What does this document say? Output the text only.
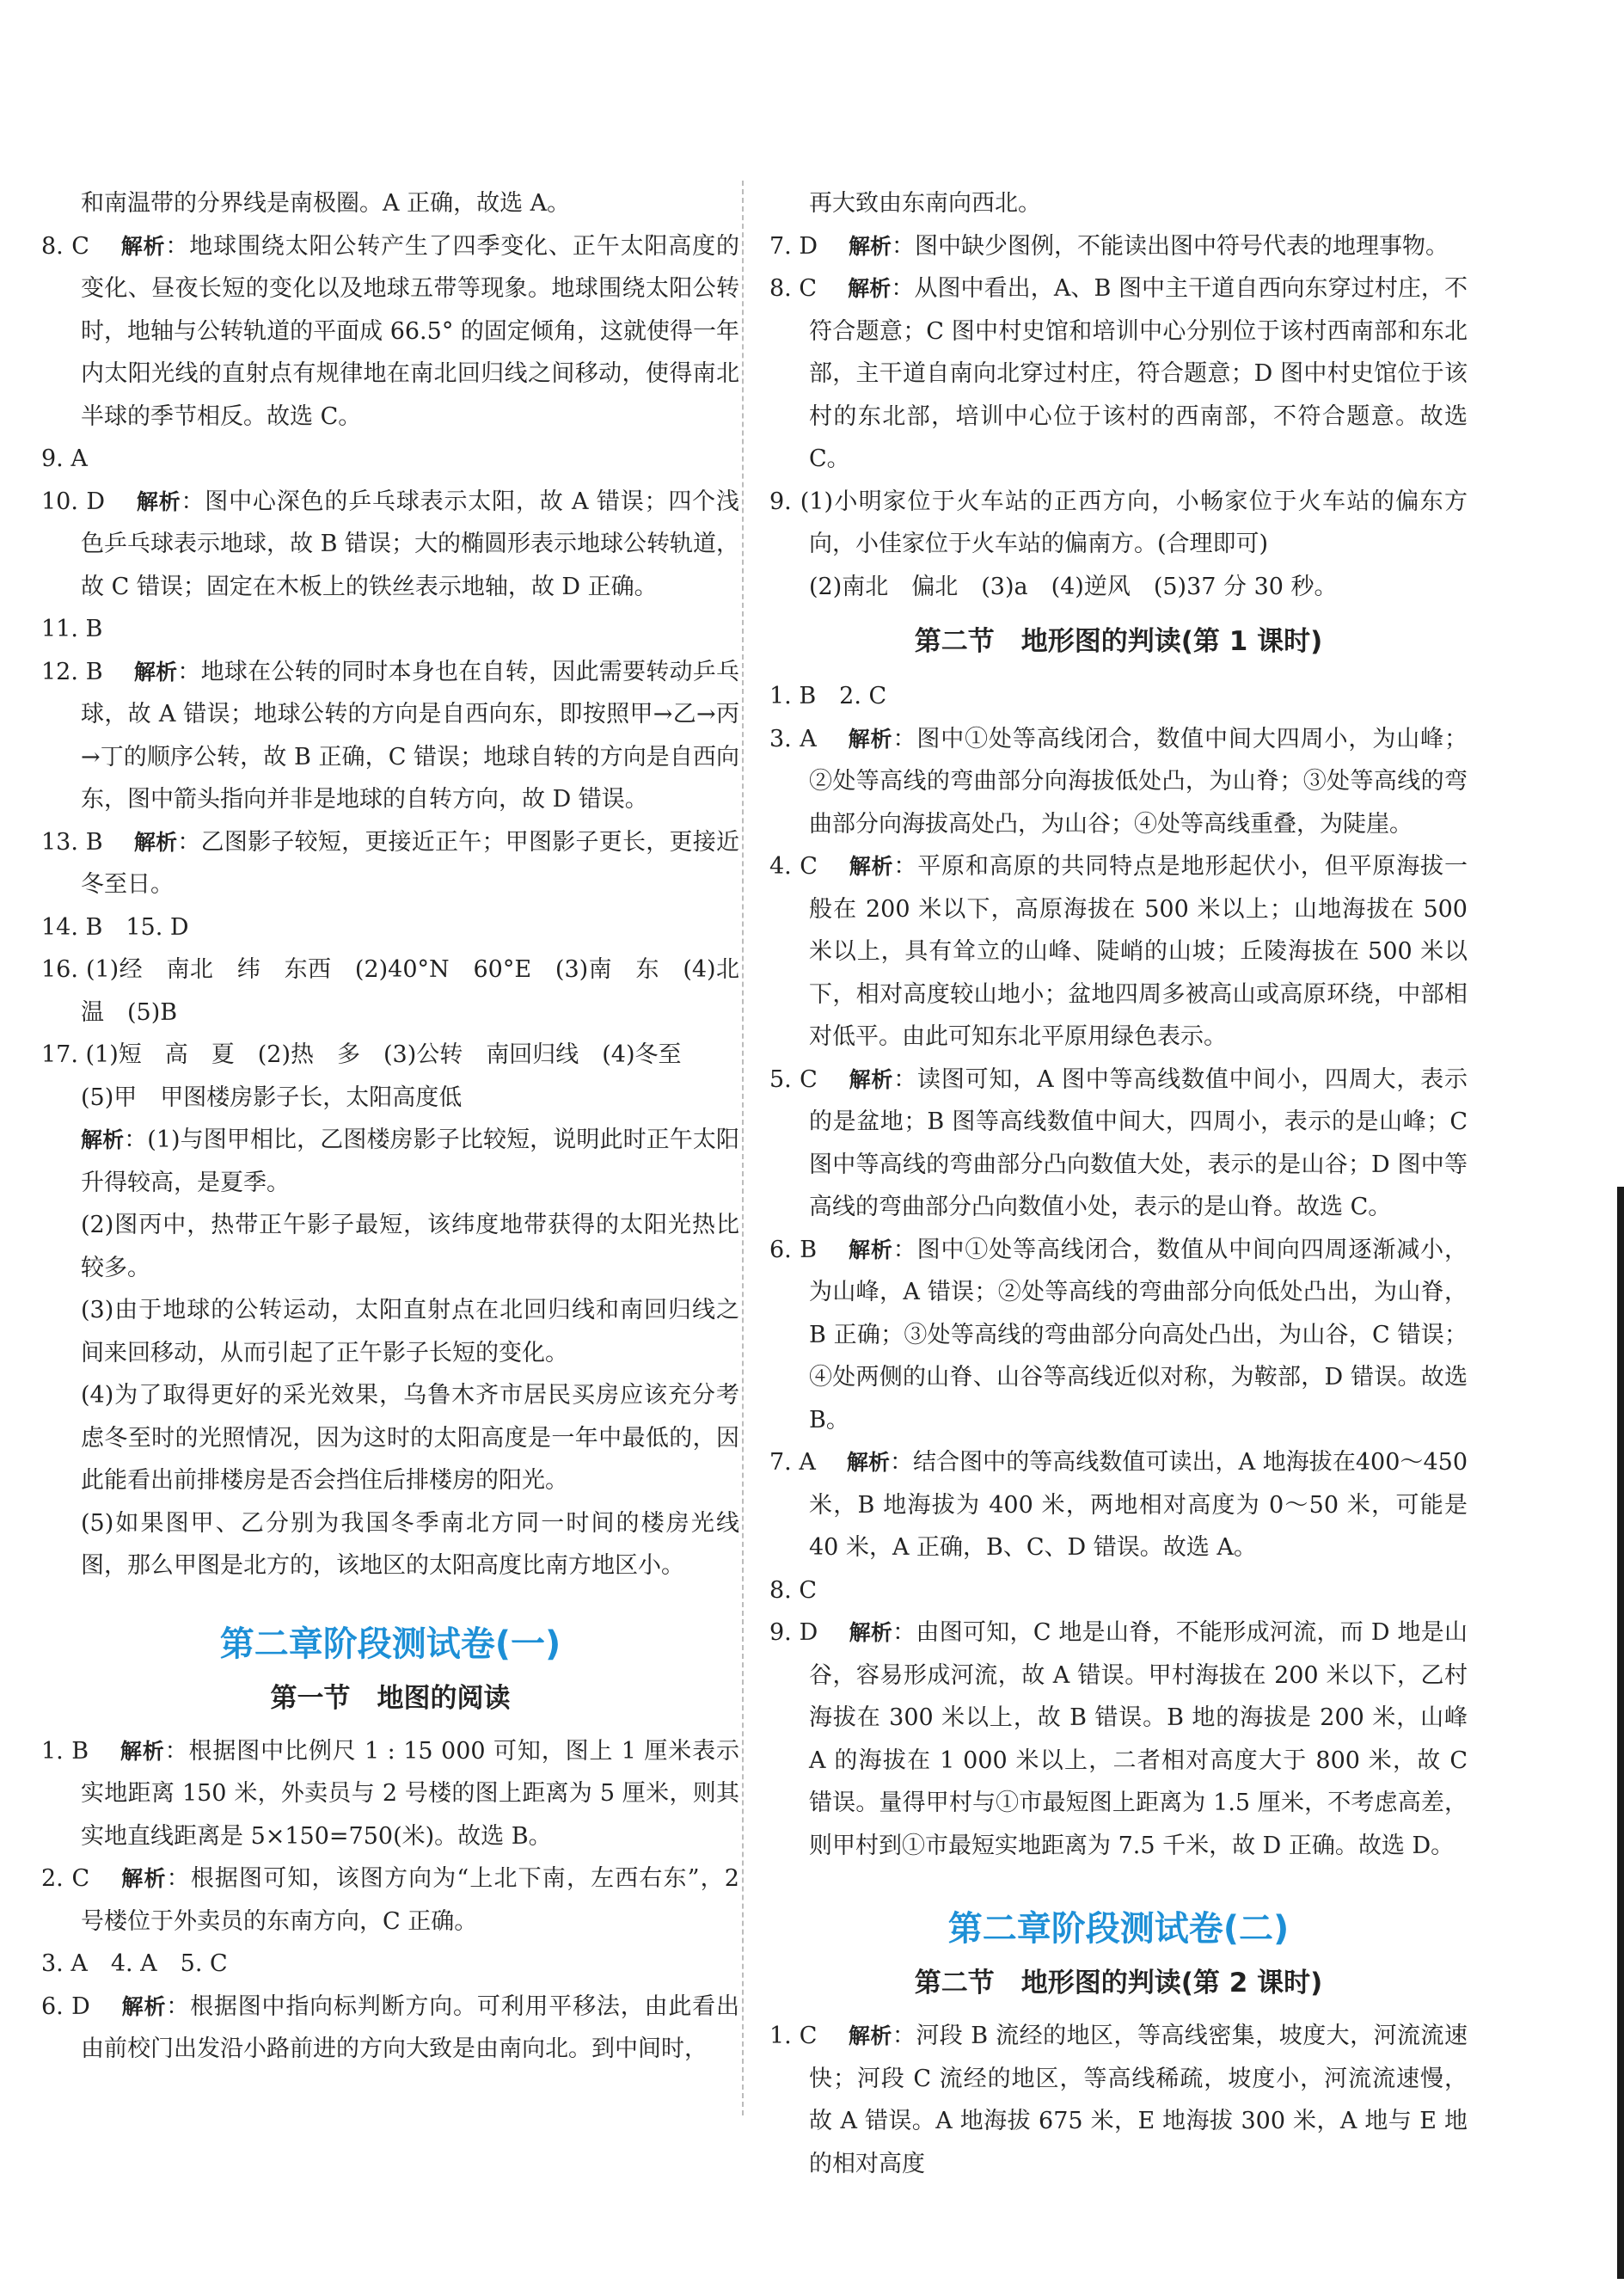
和南温带的分界线是南极圈。A 正确，故选 A。

8. C 解析：地球围绕太阳公转产生了四季变化、正午太阳高度的变化、昼夜长短的变化以及地球五带等现象。地球围绕太阳公转时，地轴与公转轨道的平面成 66.5° 的固定倾角，这就使得一年内太阳光线的直射点有规律地在南北回归线之间移动，使得南北半球的季节相反。故选 C。

9. A

10. D 解析：图中心深色的乒乓球表示太阳，故 A 错误；四个浅色乒乓球表示地球，故 B 错误；大的椭圆形表示地球公转轨道，故 C 错误；固定在木板上的铁丝表示地轴，故 D 正确。

11. B

12. B 解析：地球在公转的同时本身也在自转，因此需要转动乒乓球，故 A 错误；地球公转的方向是自西向东，即按照甲→乙→丙→丁的顺序公转，故 B 正确，C 错误；地球自转的方向是自西向东，图中箭头指向并非是地球的自转方向，故 D 错误。

13. B 解析：乙图影子较短，更接近正午；甲图影子更长，更接近冬至日。

14. B　15. D

16. (1)经　南北　纬　东西　(2)40°N　60°E　(3)南　东　(4)北温　(5)B

17. (1)短　高　夏　(2)热　多　(3)公转　南回归线　(4)冬至

(5)甲　甲图楼房影子长，太阳高度低

解析：(1)与图甲相比，乙图楼房影子比较短，说明此时正午太阳升得较高，是夏季。

(2)图丙中，热带正午影子最短，该纬度地带获得的太阳光热比较多。

(3)由于地球的公转运动，太阳直射点在北回归线和南回归线之间来回移动，从而引起了正午影子长短的变化。

(4)为了取得更好的采光效果，乌鲁木齐市居民买房应该充分考虑冬至时的光照情况，因为这时的太阳高度是一年中最低的，因此能看出前排楼房是否会挡住后排楼房的阳光。

(5)如果图甲、乙分别为我国冬季南北方同一时间的楼房光线图，那么甲图是北方的，该地区的太阳高度比南方地区小。

第二章阶段测试卷(一)
第一节　地图的阅读

1. B 解析：根据图中比例尺 1 : 15 000 可知，图上 1 厘米表示实地距离 150 米，外卖员与 2 号楼的图上距离为 5 厘米，则其实地直线距离是 5×150=750(米)。故选 B。

2. C 解析：根据图可知，该图方向为“上北下南，左西右东”，2 号楼位于外卖员的东南方向，C 正确。

3. A　4. A　5. C

6. D 解析：根据图中指向标判断方向。可利用平移法，由此看出由前校门出发沿小路前进的方向大致是由南向北。到中间时，

再大致由东南向西北。

7. D 解析：图中缺少图例，不能读出图中符号代表的地理事物。

8. C 解析：从图中看出，A、B 图中主干道自西向东穿过村庄，不符合题意；C 图中村史馆和培训中心分别位于该村西南部和东北部，主干道自南向北穿过村庄，符合题意；D 图中村史馆位于该村的东北部，培训中心位于该村的西南部，不符合题意。故选 C。

9. (1)小明家位于火车站的正西方向，小畅家位于火车站的偏东方向，小佳家位于火车站的偏南方。(合理即可)

(2)南北　偏北　(3)a　(4)逆风　(5)37 分 30 秒。

第二节　地形图的判读(第 1 课时)

1. B　2. C

3. A 解析：图中①处等高线闭合，数值中间大四周小，为山峰；②处等高线的弯曲部分向海拔低处凸，为山脊；③处等高线的弯曲部分向海拔高处凸，为山谷；④处等高线重叠，为陡崖。

4. C 解析：平原和高原的共同特点是地形起伏小，但平原海拔一般在 200 米以下，高原海拔在 500 米以上；山地海拔在 500 米以上，具有耸立的山峰、陡峭的山坡；丘陵海拔在 500 米以下，相对高度较山地小；盆地四周多被高山或高原环绕，中部相对低平。由此可知东北平原用绿色表示。

5. C 解析：读图可知，A 图中等高线数值中间小，四周大，表示的是盆地；B 图等高线数值中间大，四周小，表示的是山峰；C 图中等高线的弯曲部分凸向数值大处，表示的是山谷；D 图中等高线的弯曲部分凸向数值小处，表示的是山脊。故选 C。

6. B 解析：图中①处等高线闭合，数值从中间向四周逐渐减小，为山峰，A 错误；②处等高线的弯曲部分向低处凸出，为山脊，B 正确；③处等高线的弯曲部分向高处凸出，为山谷，C 错误；④处两侧的山脊、山谷等高线近似对称，为鞍部，D 错误。故选 B。

7. A 解析：结合图中的等高线数值可读出，A 地海拔在400～450 米，B 地海拔为 400 米，两地相对高度为 0～50 米，可能是 40 米，A 正确，B、C、D 错误。故选 A。

8. C

9. D 解析：由图可知，C 地是山脊，不能形成河流，而 D 地是山谷，容易形成河流，故 A 错误。甲村海拔在 200 米以下，乙村海拔在 300 米以上，故 B 错误。B 地的海拔是 200 米，山峰 A 的海拔在 1 000 米以上，二者相对高度大于 800 米，故 C 错误。量得甲村与①市最短图上距离为 1.5 厘米，不考虑高差，则甲村到①市最短实地距离为 7.5 千米，故 D 正确。故选 D。

第二章阶段测试卷(二)
第二节　地形图的判读(第 2 课时)

1. C 解析：河段 B 流经的地区，等高线密集，坡度大，河流流速快；河段 C 流经的地区，等高线稀疏，坡度小，河流流速慢，故 A 错误。A 地海拔 675 米，E 地海拔 300 米，A 地与 E 地的相对高度
